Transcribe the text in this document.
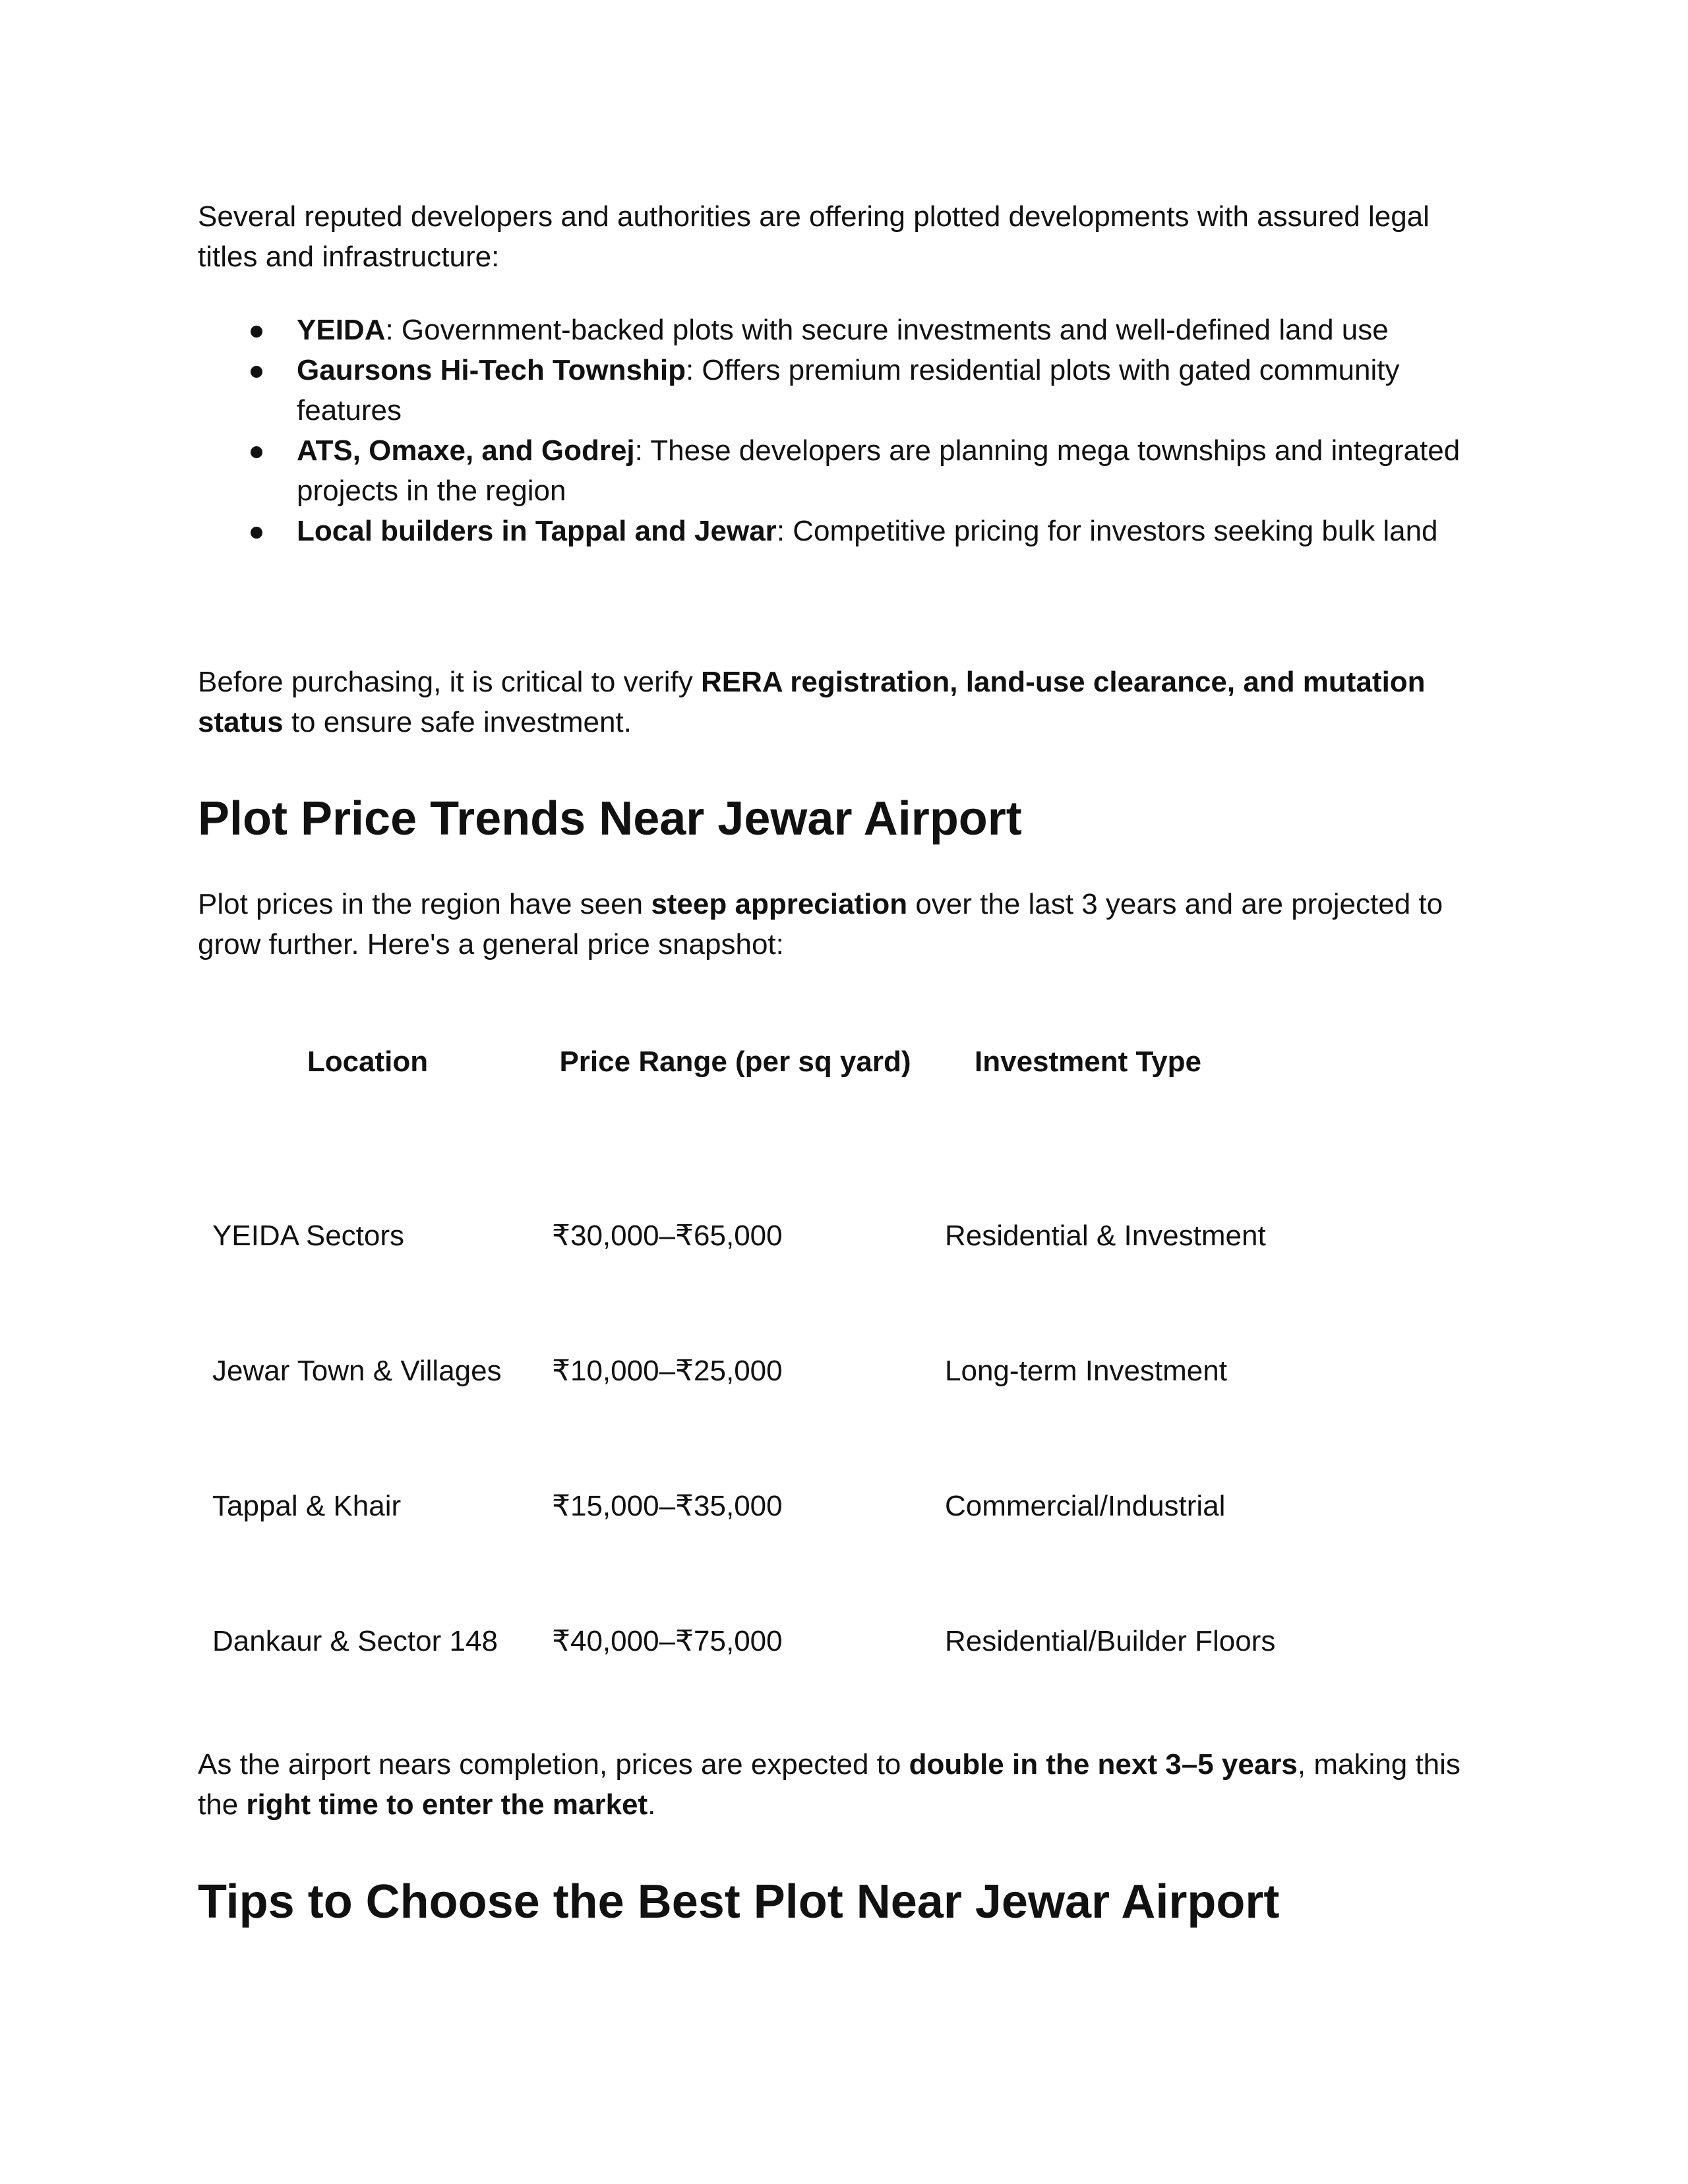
Several reputed developers and authorities are offering plotted developments with assured legal titles and infrastructure:

YEIDA: Government-backed plots with secure investments and well-defined land use
Gaursons Hi-Tech Township: Offers premium residential plots with gated community features
ATS, Omaxe, and Godrej: These developers are planning mega townships and integrated projects in the region
Local builders in Tappal and Jewar: Competitive pricing for investors seeking bulk land

Before purchasing, it is critical to verify RERA registration, land-use clearance, and mutation status to ensure safe investment.

Plot Price Trends Near Jewar Airport

Plot prices in the region have seen steep appreciation over the last 3 years and are projected to grow further. Here's a general price snapshot:

Location	Price Range (per sq yard)	Investment Type
YEIDA Sectors	₹30,000–₹65,000	Residential & Investment
Jewar Town & Villages ₹10,000–₹25,000	Long-term Investment
Tappal & Khair	₹15,000–₹35,000	Commercial/Industrial
Dankaur & Sector 148 ₹40,000–₹75,000	Residential/Builder Floors

As the airport nears completion, prices are expected to double in the next 3–5 years, making this the right time to enter the market.

Tips to Choose the Best Plot Near Jewar Airport
